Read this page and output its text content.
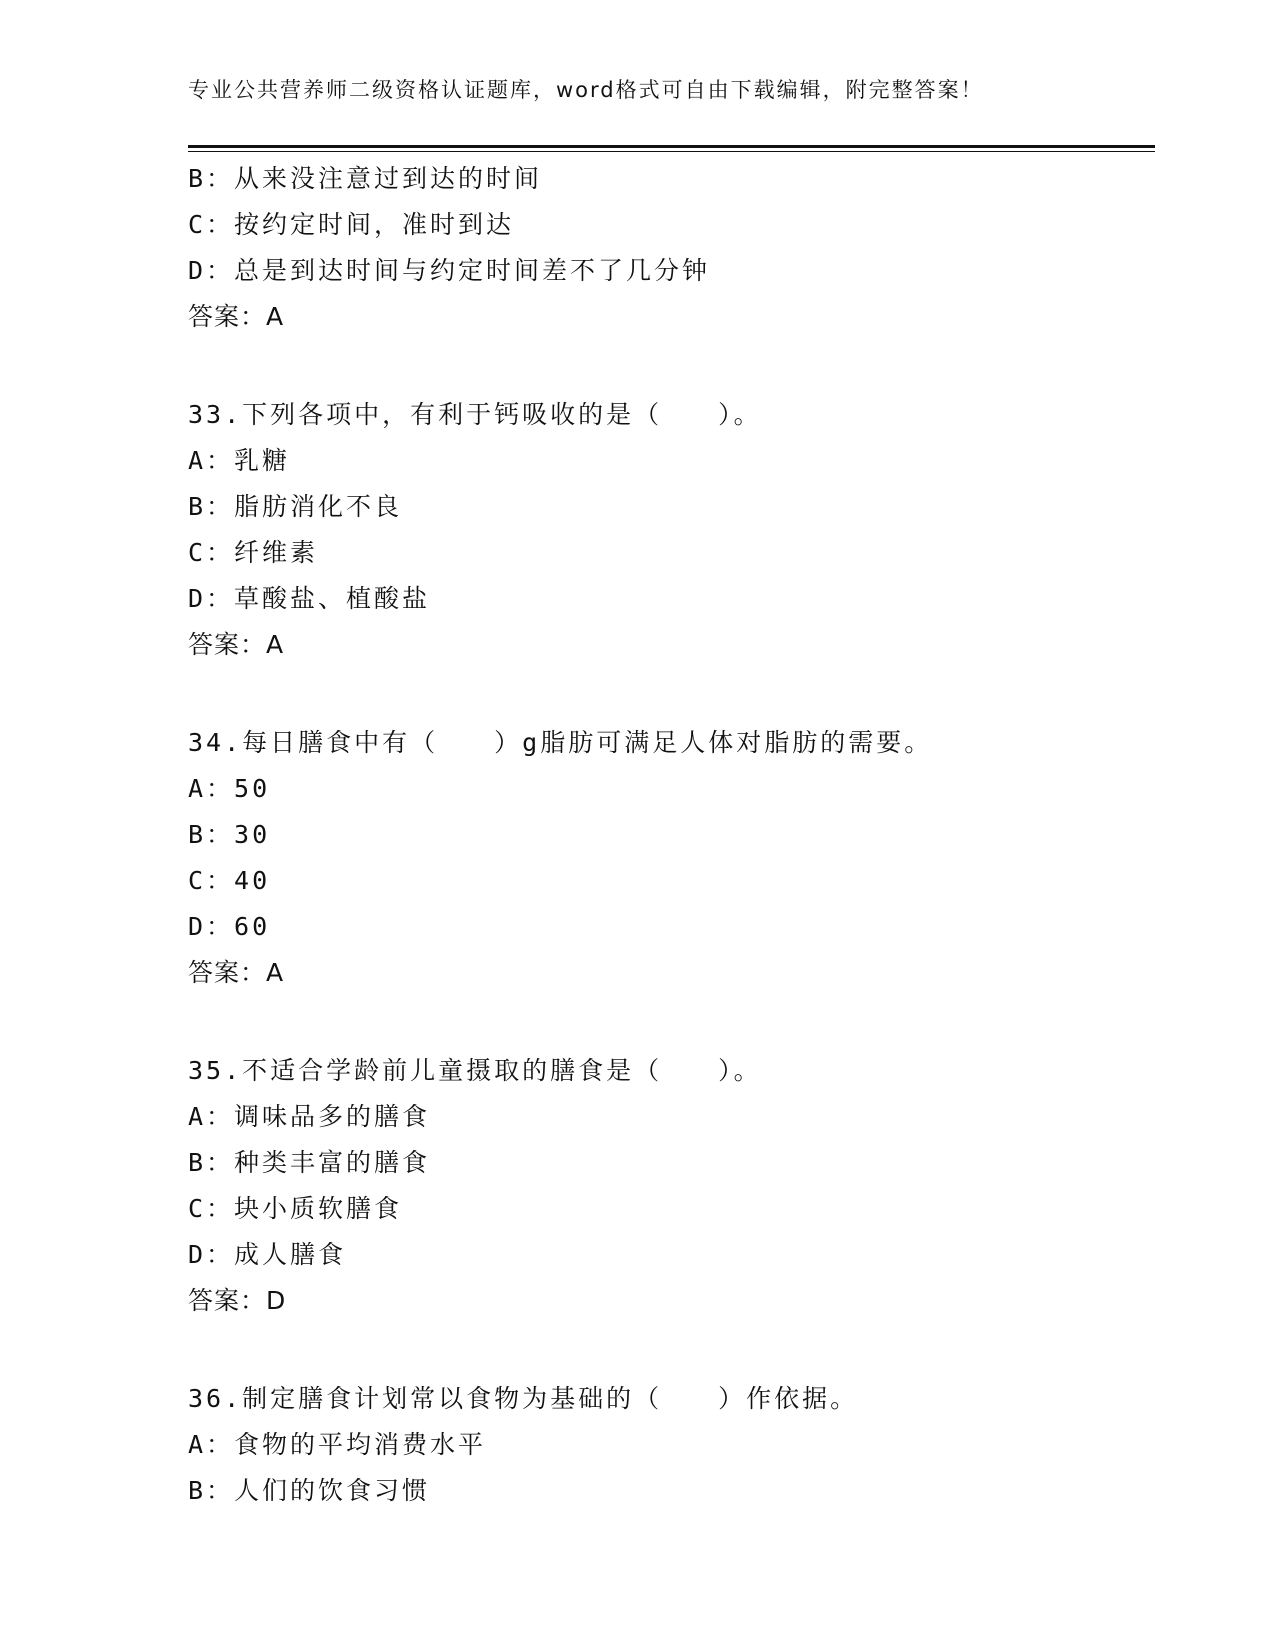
专业公共营养师二级资格认证题库，word格式可自由下载编辑，附完整答案！
B：从来没注意过到达的时间
C：按约定时间，准时到达
D：总是到达时间与约定时间差不了几分钟
答案：A
33.下列各项中，有利于钙吸收的是（　　）。
A：乳糖
B：脂肪消化不良
C：纤维素
D：草酸盐、植酸盐
答案：A
34.每日膳食中有（　　）g脂肪可满足人体对脂肪的需要。
A：50
B：30
C：40
D：60
答案：A
35.不适合学龄前儿童摄取的膳食是（　　）。
A：调味品多的膳食
B：种类丰富的膳食
C：块小质软膳食
D：成人膳食
答案：D
36.制定膳食计划常以食物为基础的（　　）作依据。
A：食物的平均消费水平
B：人们的饮食习惯
